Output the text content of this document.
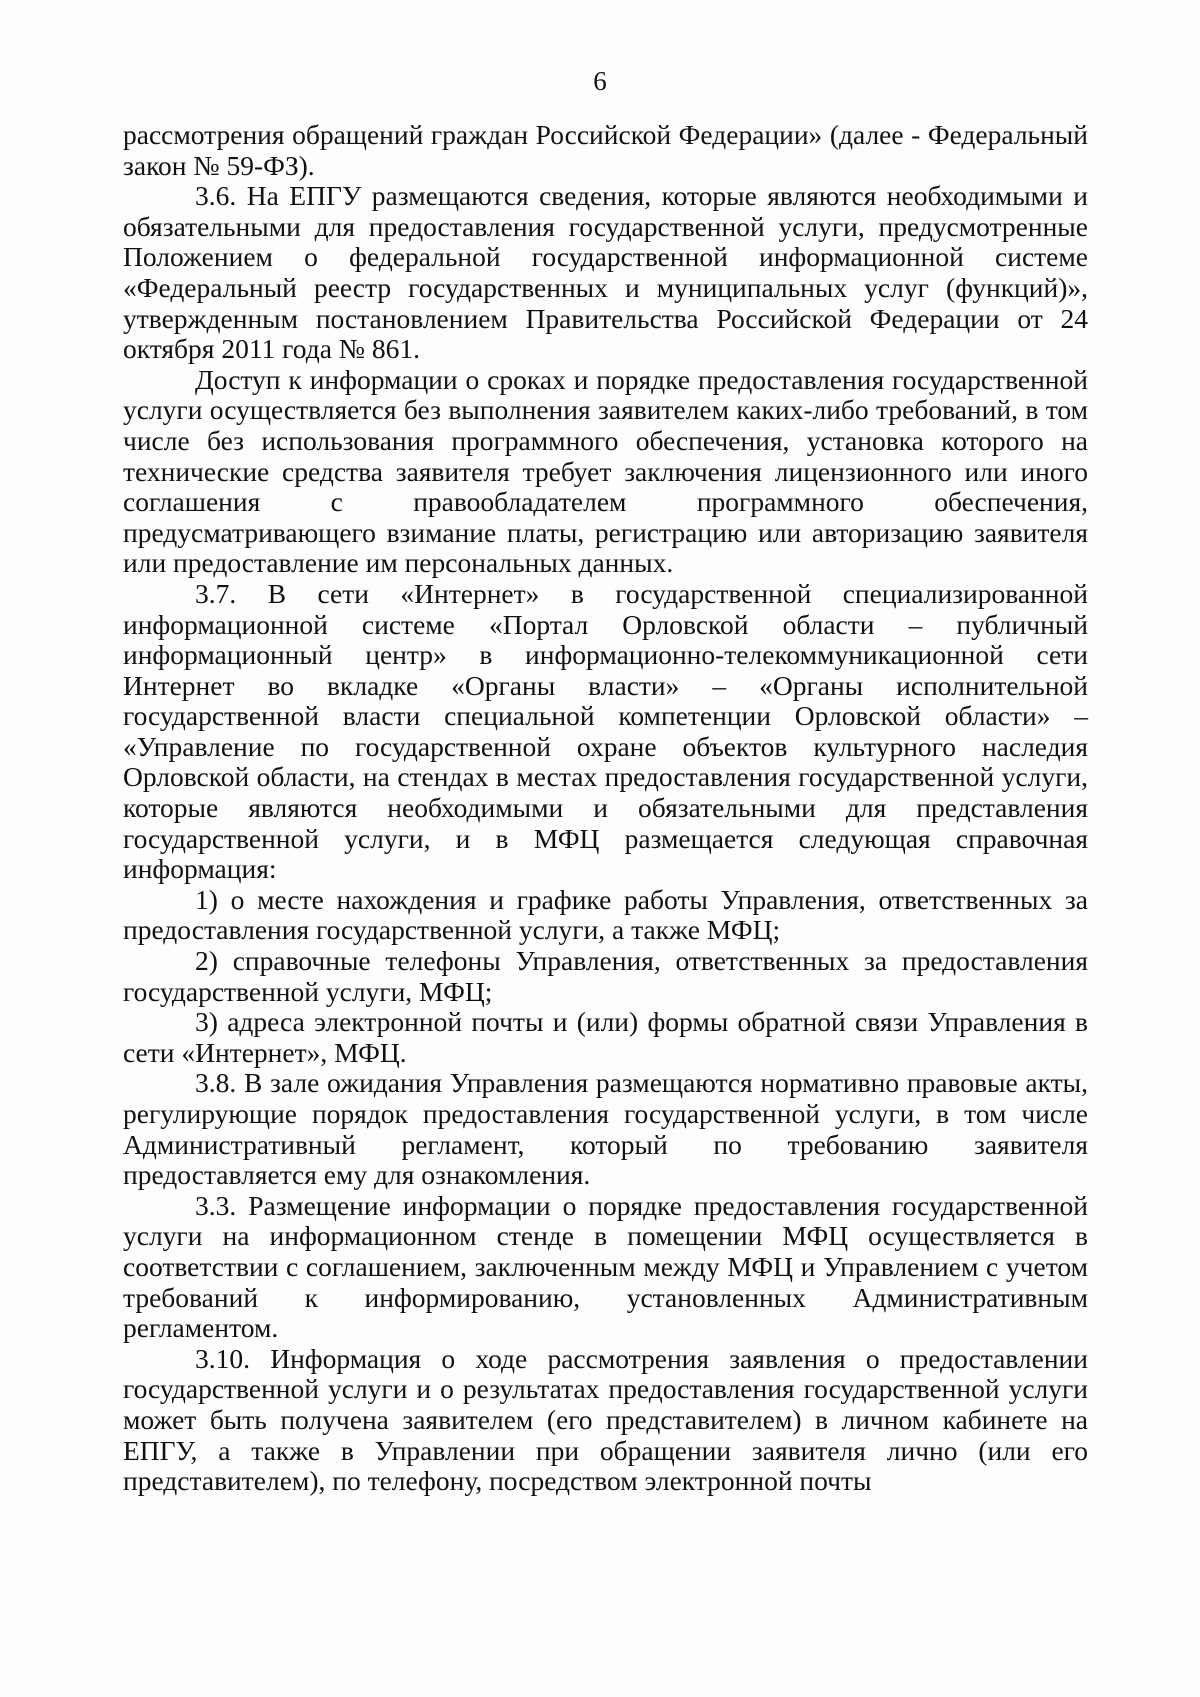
6

рассмотрения обращений граждан Российской Федерации» (далее - Федеральный закон № 59-ФЗ).

3.6. На ЕПГУ размещаются сведения, которые являются необходимыми и обязательными для предоставления государственной услуги, предусмотренные Положением о федеральной государственной информационной системе «Федеральный реестр государственных и муниципальных услуг (функций)», утвержденным постановлением Правительства Российской Федерации от 24 октября 2011 года № 861.

Доступ к информации о сроках и порядке предоставления государственной услуги осуществляется без выполнения заявителем каких-либо требований, в том числе без использования программного обеспечения, установка которого на технические средства заявителя требует заключения лицензионного или иного соглашения с правообладателем программного обеспечения, предусматривающего взимание платы, регистрацию или авторизацию заявителя или предоставление им персональных данных.

3.7. В сети «Интернет» в государственной специализированной информационной системе «Портал Орловской области – публичный информационный центр» в информационно-телекоммуникационной сети Интернет во вкладке «Органы власти» – «Органы исполнительной государственной власти специальной компетенции Орловской области» – «Управление по государственной охране объектов культурного наследия Орловской области, на стендах в местах предоставления государственной услуги, которые являются необходимыми и обязательными для представления государственной услуги, и в МФЦ размещается следующая справочная информация:

1) о месте нахождения и графике работы Управления, ответственных за предоставления государственной услуги, а также МФЦ;

2) справочные телефоны Управления, ответственных за предоставления государственной услуги, МФЦ;

3) адреса электронной почты и (или) формы обратной связи Управления в сети «Интернет», МФЦ.

3.8. В зале ожидания Управления размещаются нормативно правовые акты, регулирующие порядок предоставления государственной услуги, в том числе Административный регламент, который по требованию заявителя предоставляется ему для ознакомления.

3.3. Размещение информации о порядке предоставления государственной услуги на информационном стенде в помещении МФЦ осуществляется в соответствии с соглашением, заключенным между МФЦ и Управлением с учетом требований к информированию, установленных Административным регламентом.

3.10. Информация о ходе рассмотрения заявления о предоставлении государственной услуги и о результатах предоставления государственной услуги может быть получена заявителем (его представителем) в личном кабинете на ЕПГУ, а также в Управлении при обращении заявителя лично (или его представителем), по телефону, посредством электронной почты
